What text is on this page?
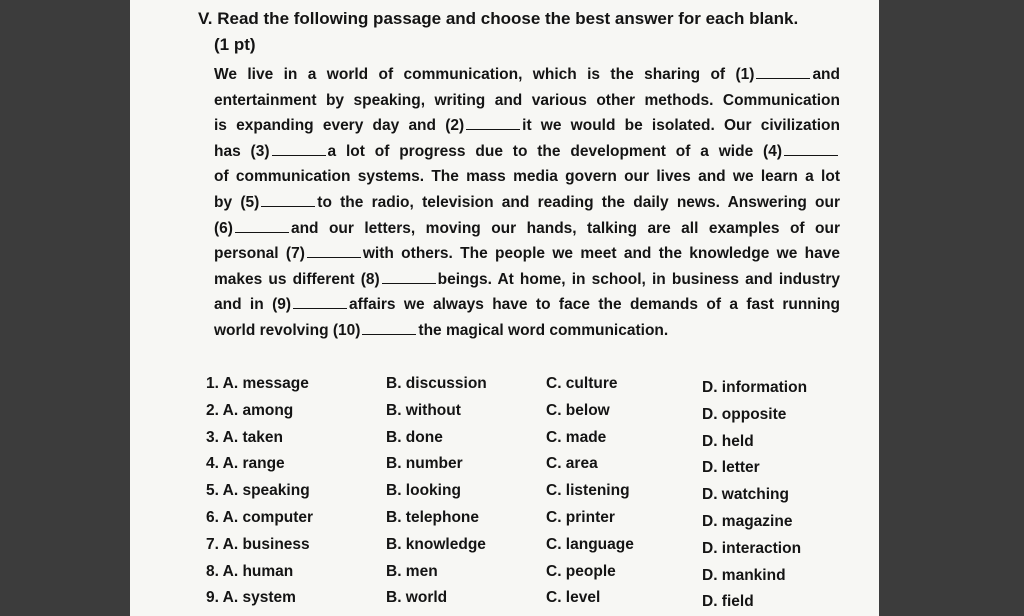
V. Read the following passage and choose the best answer for each blank.
(1 pt)
We live in a world of communication, which is the sharing of (1)	and
entertainment by speaking, writing and various other methods. Communication
is expanding every day and (2)	it we would be isolated. Our civilization
has (3)	a lot of progress due to the development of a wide (4)
of communication systems. The mass media govern our lives and we learn a lot
by (5)	to the radio, television and reading the daily news. Answering our
(6)	and our letters, moving our hands, talking are all examples of our
personal (7)	with others. The people we meet and the knowledge we have
makes us different (8)	beings. At home, in school, in business and industry
and in (9)	affairs we always have to face the demands of a fast running
world revolving (10)	the magical word communication.
1. A. message	B. discussion	C. culture	D. information
2. A. among	B. without	C. below	D. opposite
3. A. taken	B. done	C. made	D. held
4. A. range	B. number	C. area	D. letter
5. A. speaking	B. looking	C. listening	D. watching
6. A. computer	B. telephone	C. printer	D. magazine
7. A. business	B. knowledge	C. language	D. interaction
8. A. human	B. men	C. people	D. mankind
9. A. system	B. world	C. level	D. field
